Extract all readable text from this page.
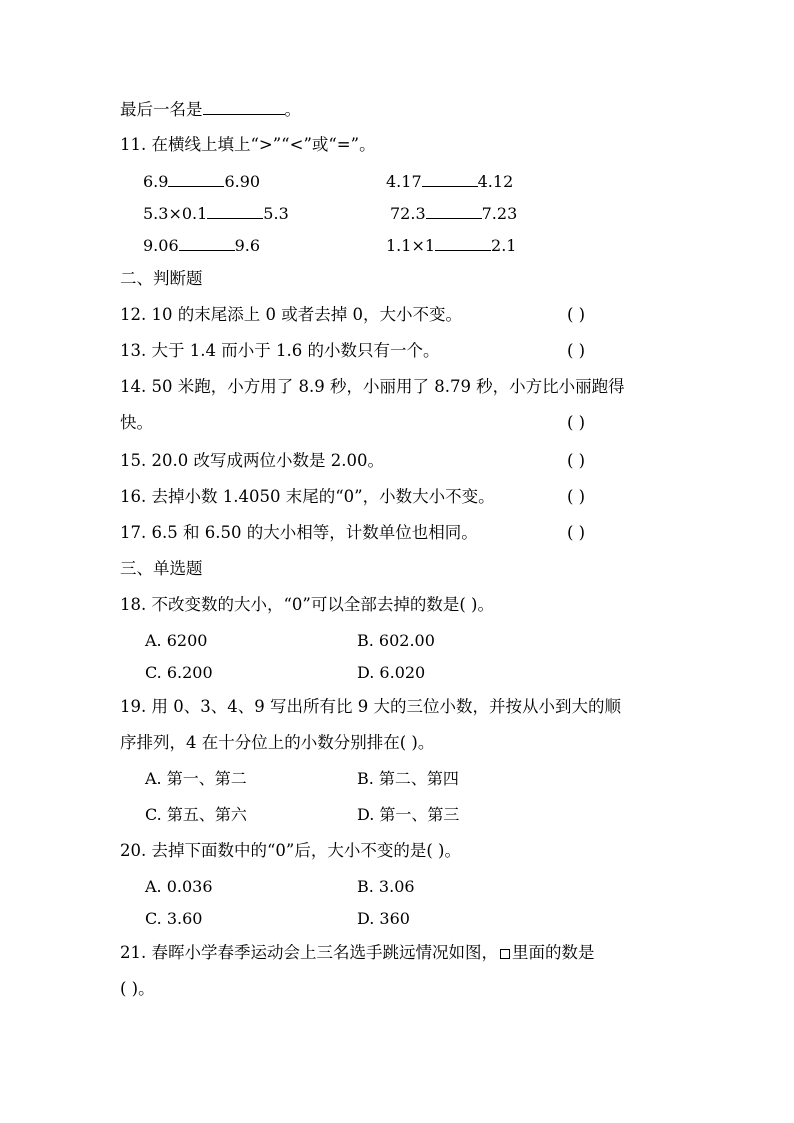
最后一名是	。
11. 在横线上填上“>”“<”或“=”。
6.9	6.90	4.17	4.12
5.3×0.1	5.3	72.3	7.23
9.06	9.6	1.1×1	2.1
二、判断题
12. 10 的末尾添上 0 或者去掉 0，大小不变。	( )
13. 大于 1.4 而小于 1.6 的小数只有一个。	( )
14. 50 米跑，小方用了 8.9 秒，小丽用了 8.79 秒，小方比小丽跑得
快。	( )
15. 20.0 改写成两位小数是 2.00。	( )
16. 去掉小数 1.4050 末尾的“0”，小数大小不变。	( )
17. 6.5 和 6.50 的大小相等，计数单位也相同。	( )
三、单选题
18. 不改变数的大小，“0”可以全部去掉的数是( )。
A. 6200	B. 602.00
C. 6.200	D. 6.020
19. 用 0、3、4、9 写出所有比 9 大的三位小数，并按从小到大的顺
序排列，4 在十分位上的小数分别排在( )。
A. 第一、第二	B. 第二、第四
C. 第五、第六	D. 第一、第三
20. 去掉下面数中的“0”后，大小不变的是( )。
A. 0.036	B. 3.06
C. 3.60	D. 360
21. 春晖小学春季运动会上三名选手跳远情况如图， 里面的数是
( )。
